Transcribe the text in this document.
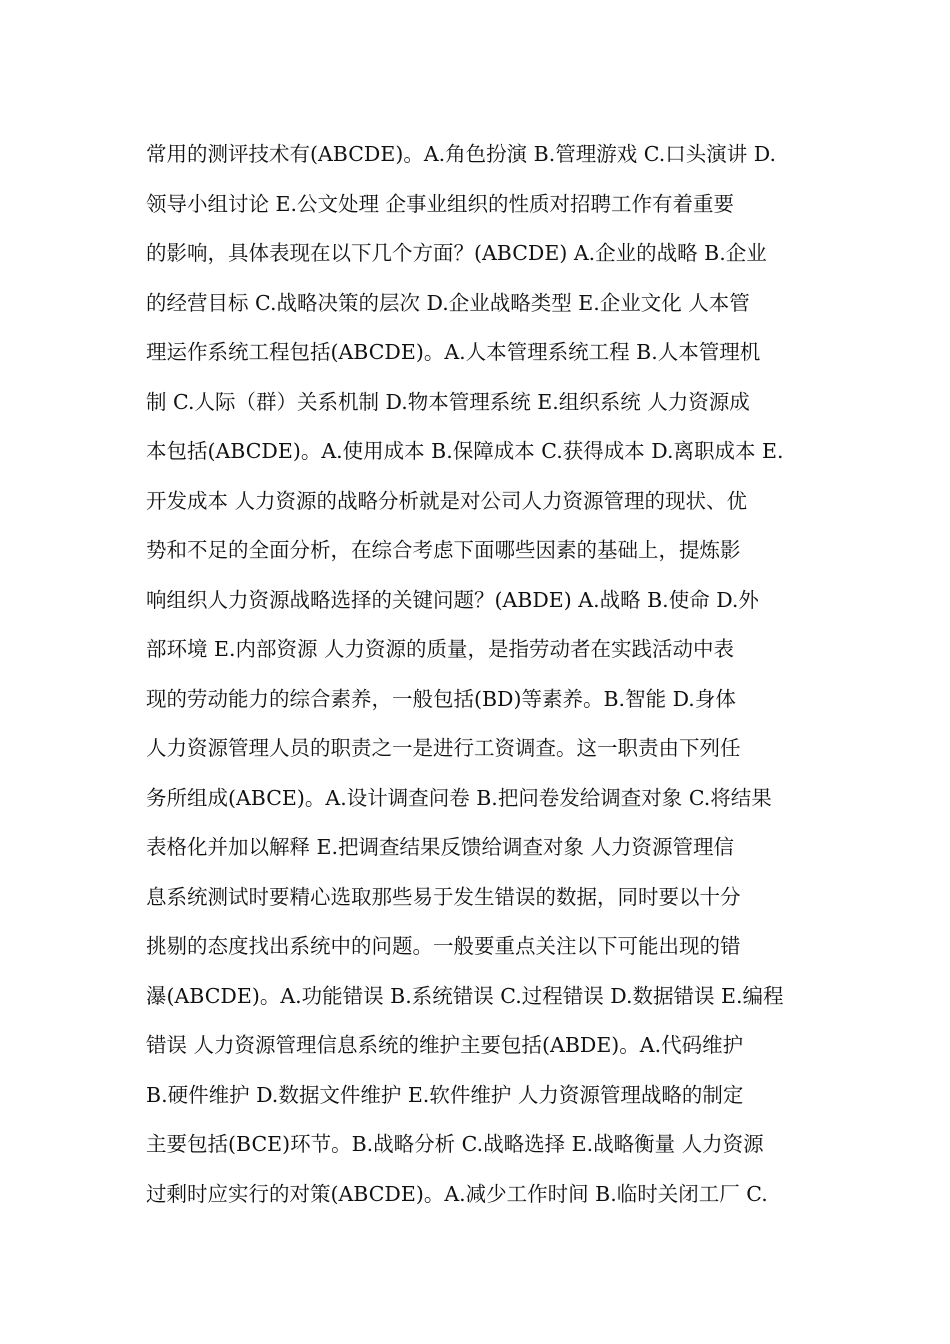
常用的测评技术有(ABCDE)。A.角色扮演 B.管理游戏 C.口头演讲 D.
领导小组讨论 E.公文处理 企事业组织的性质对招聘工作有着重要
的影响，具体表现在以下几个方面？(ABCDE) A.企业的战略 B.企业
的经营目标 C.战略决策的层次 D.企业战略类型 E.企业文化 人本管
理运作系统工程包括(ABCDE)。A.人本管理系统工程 B.人本管理机
制 C.人际（群）关系机制 D.物本管理系统 E.组织系统 人力资源成
本包括(ABCDE)。A.使用成本 B.保障成本 C.获得成本 D.离职成本 E.
开发成本 人力资源的战略分析就是对公司人力资源管理的现状、优
势和不足的全面分析，在综合考虑下面哪些因素的基础上，提炼影
响组织人力资源战略选择的关键问题？(ABDE) A.战略 B.使命 D.外
部环境 E.内部资源 人力资源的质量，是指劳动者在实践活动中表
现的劳动能力的综合素养，一般包括(BD)等素养。B.智能 D.身体
人力资源管理人员的职责之一是进行工资调查。这一职责由下列任
务所组成(ABCE)。A.设计调查问卷 B.把问卷发给调查对象 C.将结果
表格化并加以解释 E.把调查结果反馈给调查对象 人力资源管理信
息系统测试时要精心选取那些易于发生错误的数据，同时要以十分
挑剔的态度找出系统中的问题。一般要重点关注以下可能出现的错
瀑(ABCDE)。A.功能错误 B.系统错误 C.过程错误 D.数据错误 E.编程
错误 人力资源管理信息系统的维护主要包括(ABDE)。A.代码维护
B.硬件维护 D.数据文件维护 E.软件维护 人力资源管理战略的制定
主要包括(BCE)环节。B.战略分析 C.战略选择 E.战略衡量 人力资源
过剩时应实行的对策(ABCDE)。A.减少工作时间 B.临时关闭工厂 C.
